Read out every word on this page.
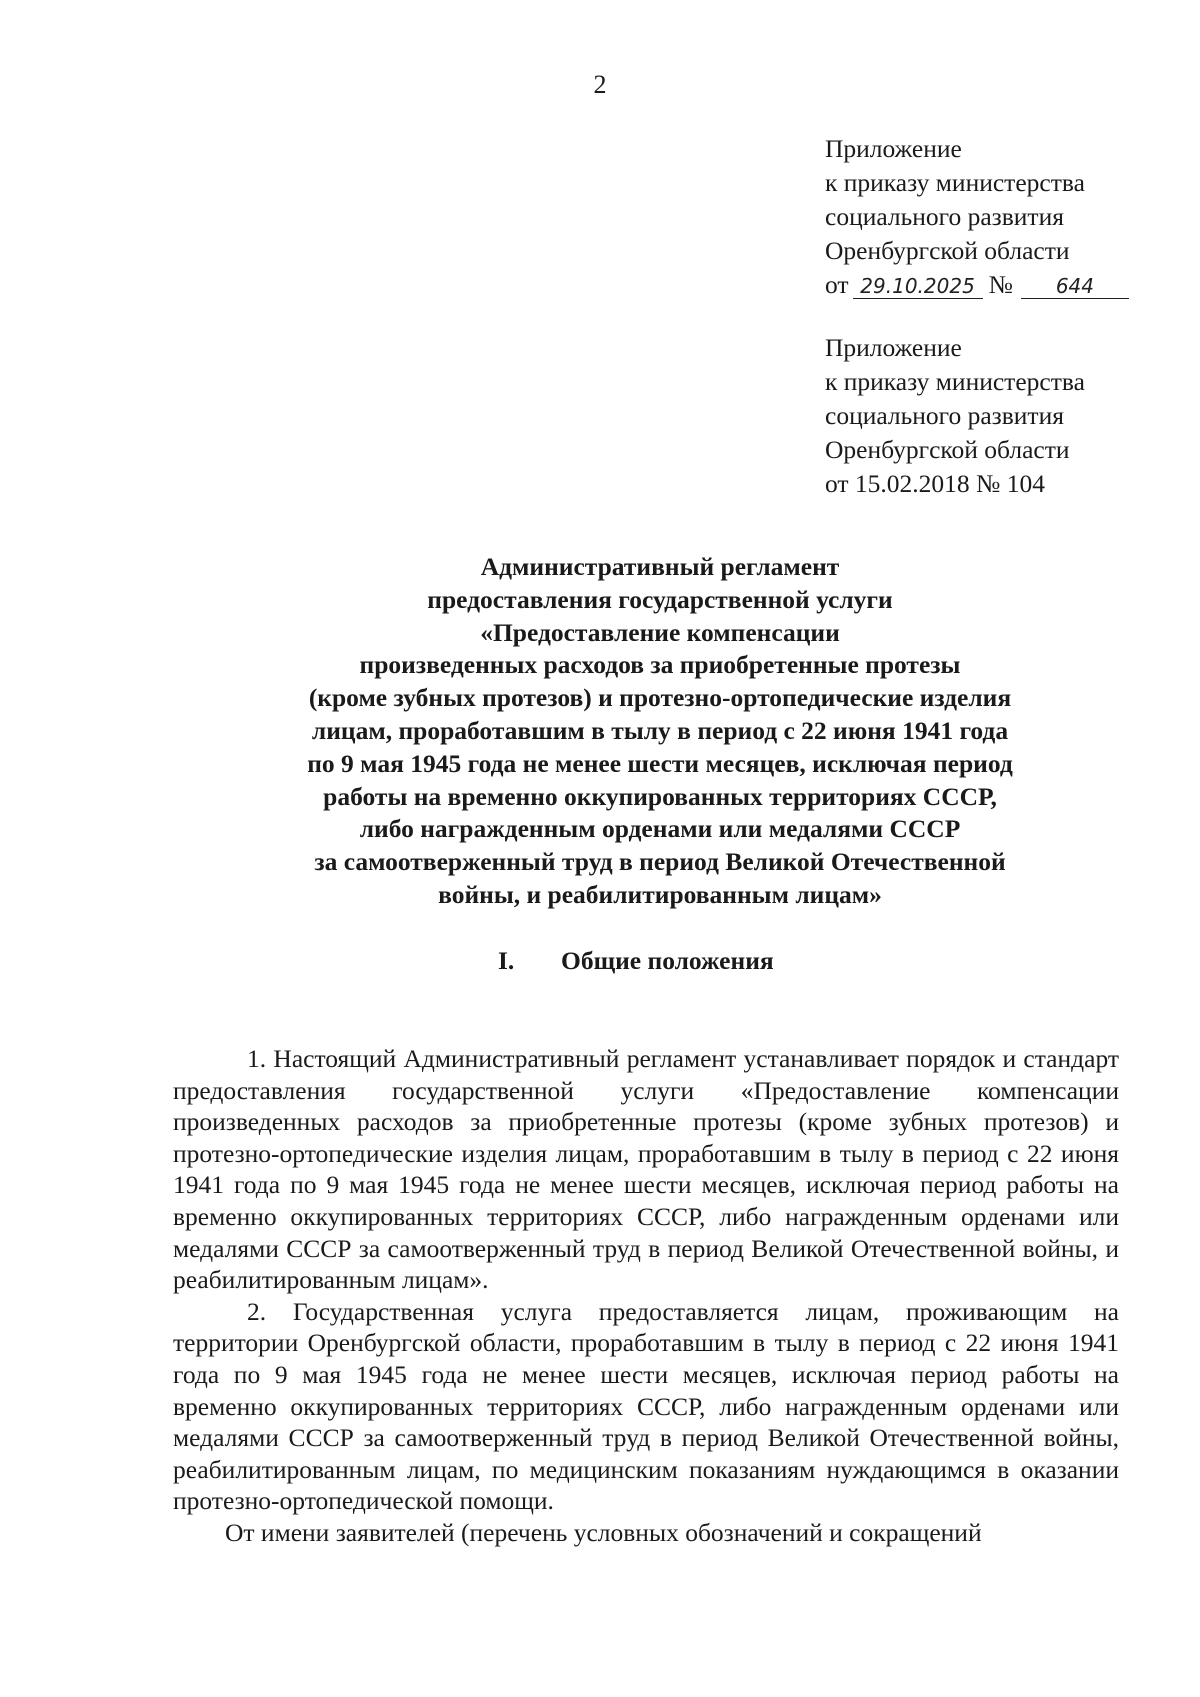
2
Приложение
к приказу министерства
социального развития
Оренбургской области
от 29.10.2025 № 644
Приложение
к приказу министерства
социального развития
Оренбургской области
от 15.02.2018 № 104
Административный регламент
предоставления государственной услуги
«Предоставление компенсации
произведенных расходов за приобретенные протезы
(кроме зубных протезов) и протезно-ортопедические изделия
лицам, проработавшим в тылу в период с 22 июня 1941 года
по 9 мая 1945 года не менее шести месяцев, исключая период
работы на временно оккупированных территориях СССР,
либо награжденным орденами или медалями СССР
за самоотверженный труд в период Великой Отечественной
войны, и реабилитированным лицам»
I. Общие положения

1. Настоящий Административный регламент устанавливает порядок и стандарт предоставления государственной услуги «Предоставление компенсации произведенных расходов за приобретенные протезы (кроме зубных протезов) и протезно-ортопедические изделия лицам, проработавшим в тылу в период с 22 июня 1941 года по 9 мая 1945 года не менее шести месяцев, исключая период работы на временно оккупированных территориях СССР, либо награжденным орденами или медалями СССР за самоотверженный труд в период Великой Отечественной войны, и реабилитированным лицам».

2. Государственная услуга предоставляется лицам, проживающим на территории Оренбургской области, проработавшим в тылу в период с 22 июня 1941 года по 9 мая 1945 года не менее шести месяцев, исключая период работы на временно оккупированных территориях СССР, либо награжденным орденами или медалями СССР за самоотверженный труд в период Великой Отечественной войны, реабилитированным лицам, по медицинским показаниям нуждающимся в оказании протезно-ортопедической помощи.

От имени заявителей (перечень условных обозначений и сокращений
